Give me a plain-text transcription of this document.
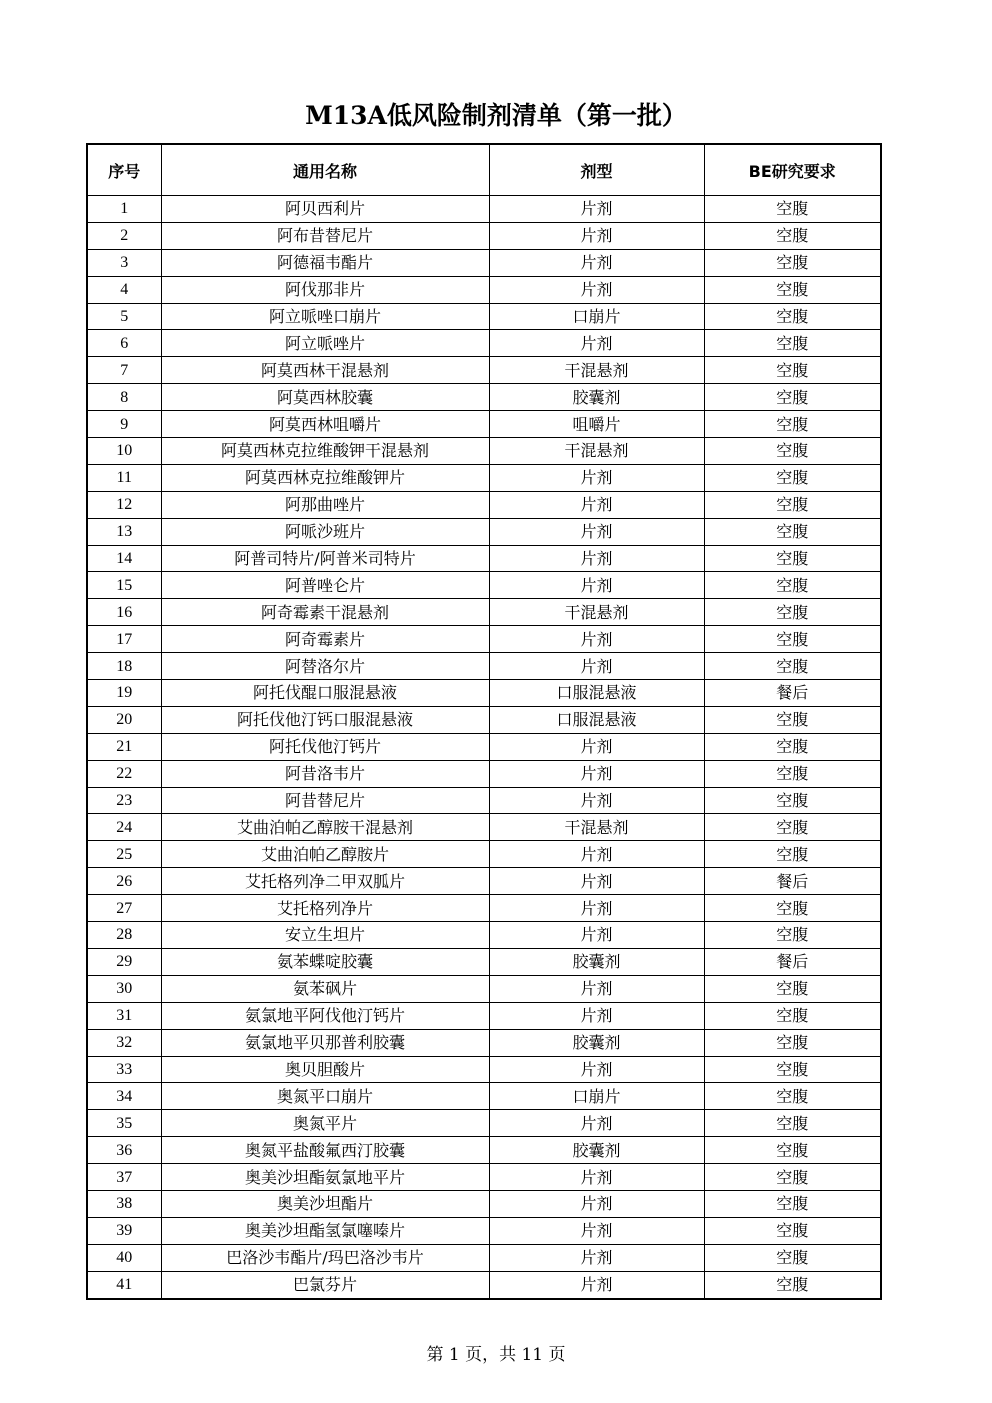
M13A低风险制剂清单（第一批）
序号	通用名称	剂型	BE研究要求
1	阿贝西利片	片剂	空腹
2	阿布昔替尼片	片剂	空腹
3	阿德福韦酯片	片剂	空腹
4	阿伐那非片	片剂	空腹
5	阿立哌唑口崩片	口崩片	空腹
6	阿立哌唑片	片剂	空腹
7	阿莫西林干混悬剂	干混悬剂	空腹
8	阿莫西林胶囊	胶囊剂	空腹
9	阿莫西林咀嚼片	咀嚼片	空腹
10	阿莫西林克拉维酸钾干混悬剂	干混悬剂	空腹
11	阿莫西林克拉维酸钾片	片剂	空腹
12	阿那曲唑片	片剂	空腹
13	阿哌沙班片	片剂	空腹
14	阿普司特片/阿普米司特片	片剂	空腹
15	阿普唑仑片	片剂	空腹
16	阿奇霉素干混悬剂	干混悬剂	空腹
17	阿奇霉素片	片剂	空腹
18	阿替洛尔片	片剂	空腹
19	阿托伐醌口服混悬液	口服混悬液	餐后
20	阿托伐他汀钙口服混悬液	口服混悬液	空腹
21	阿托伐他汀钙片	片剂	空腹
22	阿昔洛韦片	片剂	空腹
23	阿昔替尼片	片剂	空腹
24	艾曲泊帕乙醇胺干混悬剂	干混悬剂	空腹
25	艾曲泊帕乙醇胺片	片剂	空腹
26	艾托格列净二甲双胍片	片剂	餐后
27	艾托格列净片	片剂	空腹
28	安立生坦片	片剂	空腹
29	氨苯蝶啶胶囊	胶囊剂	餐后
30	氨苯砜片	片剂	空腹
31	氨氯地平阿伐他汀钙片	片剂	空腹
32	氨氯地平贝那普利胶囊	胶囊剂	空腹
33	奥贝胆酸片	片剂	空腹
34	奥氮平口崩片	口崩片	空腹
35	奥氮平片	片剂	空腹
36	奥氮平盐酸氟西汀胶囊	胶囊剂	空腹
37	奥美沙坦酯氨氯地平片	片剂	空腹
38	奥美沙坦酯片	片剂	空腹
39	奥美沙坦酯氢氯噻嗪片	片剂	空腹
40	巴洛沙韦酯片/玛巴洛沙韦片	片剂	空腹
41	巴氯芬片	片剂	空腹
第 1 页，共 11 页
